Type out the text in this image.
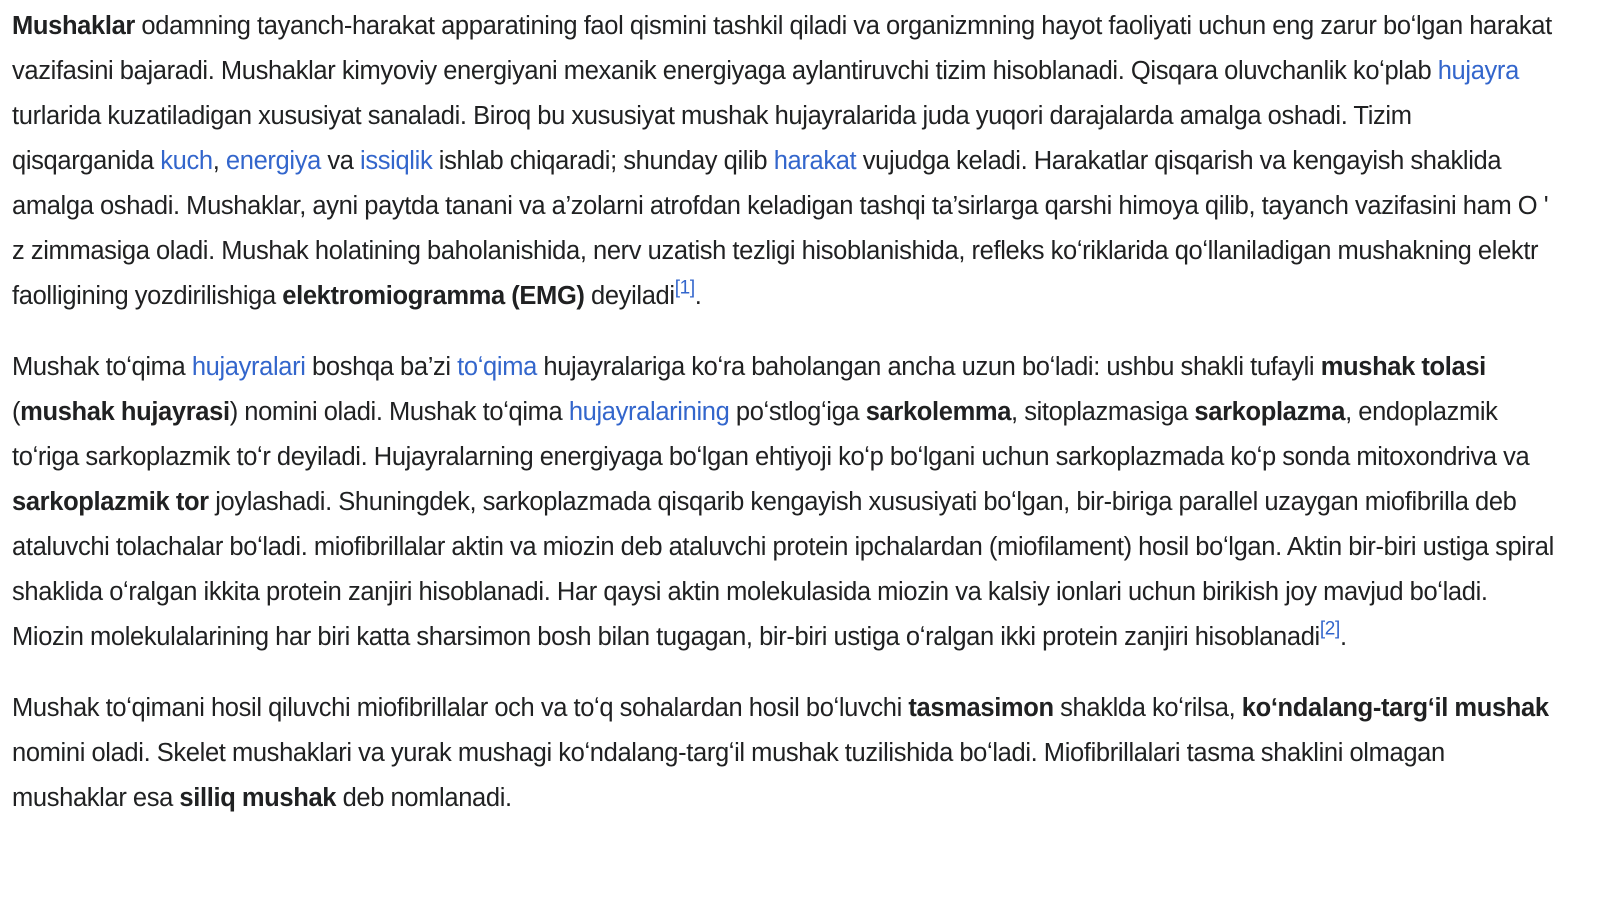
Mushaklar odamning tayanch-harakat apparatining faol qismini tashkil qiladi va organizmning hayot faoliyati uchun eng zarur boʻlgan harakat vazifasini bajaradi. Mushaklar kimyoviy energiyani mexanik energiyaga aylantiruvchi tizim hisoblanadi. Qisqara oluvchanlik koʻplab hujayra turlarida kuzatiladigan xususiyat sanaladi. Biroq bu xususiyat mushak hujayralarida juda yuqori darajalarda amalga oshadi. Tizim qisqarganida kuch, energiya va issiqlik ishlab chiqaradi; shunday qilib harakat vujudga keladi. Harakatlar qisqarish va kengayish shaklida amalga oshadi. Mushaklar, ayni paytda tanani va a’zolarni atrofdan keladigan tashqi ta’sirlarga qarshi himoya qilib, tayanch vazifasini ham O ' z zimmasiga oladi. Mushak holatining baholanishida, nerv uzatish tezligi hisoblanishida, refleks koʻriklarida qoʻllaniladigan mushakning elektr faolligining yozdirilishiga elektromiogramma (EMG) deyiladi[1].

Mushak toʻqima hujayralari boshqa ba’zi toʻqima hujayralariga koʻra baholangan ancha uzun boʻladi: ushbu shakli tufayli mushak tolasi (mushak hujayrasi) nomini oladi. Mushak toʻqima hujayralarining poʻstlogʻiga sarkolemma, sitoplazmasiga sarkoplazma, endoplazmik toʻriga sarkoplazmik toʻr deyiladi. Hujayralarning energiyaga boʻlgan ehtiyoji koʻp boʻlgani uchun sarkoplazmada koʻp sonda mitoxondriva va sarkoplazmik tor joylashadi. Shuningdek, sarkoplazmada qisqarib kengayish xususiyati boʻlgan, bir-biriga parallel uzaygan miofibrilla deb ataluvchi tolachalar boʻladi. miofibrillalar aktin va miozin deb ataluvchi protein ipchalardan (miofilament) hosil boʻlgan. Aktin bir-biri ustiga spiral shaklida oʻralgan ikkita protein zanjiri hisoblanadi. Har qaysi aktin molekulasida miozin va kalsiy ionlari uchun birikish joy mavjud boʻladi. Miozin molekulalarining har biri katta sharsimon bosh bilan tugagan, bir-biri ustiga oʻralgan ikki protein zanjiri hisoblanadi[2].

Mushak toʻqimani hosil qiluvchi miofibrillalar och va toʻq sohalardan hosil boʻluvchi tasmasimon shaklda koʻrilsa, koʻndalang-targʻil mushak nomini oladi. Skelet mushaklari va yurak mushagi koʻndalang-targʻil mushak tuzilishida boʻladi. Miofibrillalari tasma shaklini olmagan mushaklar esa silliq mushak deb nomlanadi.
